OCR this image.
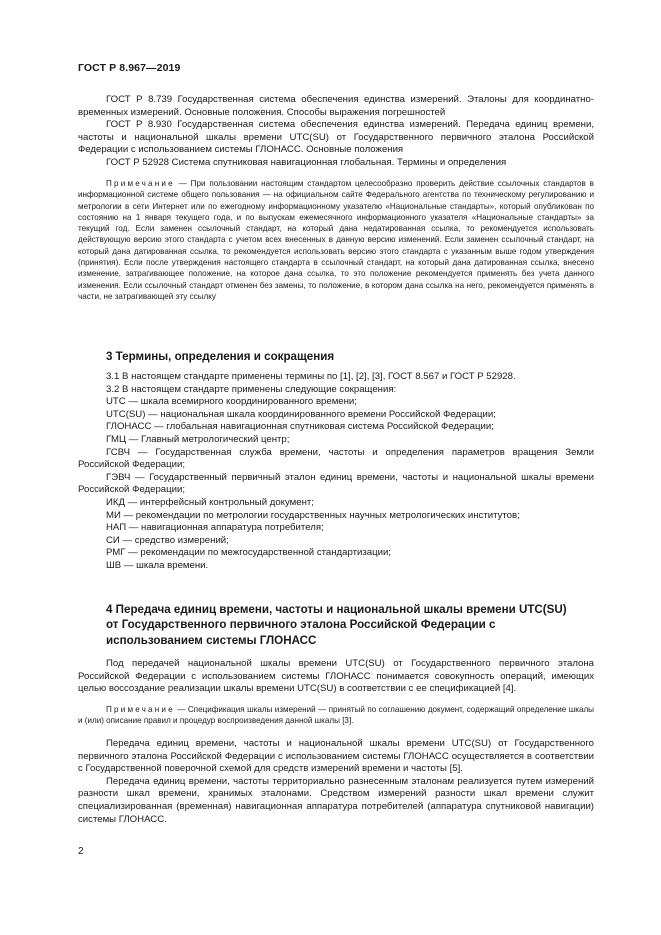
ГОСТ Р 8.967—2019

ГОСТ Р 8.739 Государственная система обеспечения единства измерений. Эталоны для координатно-временных измерений. Основные положения. Способы выражения погрешностей

ГОСТ Р 8.930 Государственная система обеспечения единства измерений. Передача единиц времени, частоты и национальной шкалы времени UTC(SU) от Государственного первичного эталона Российской Федерации с использованием системы ГЛОНАСС. Основные положения

ГОСТ Р 52928 Система спутниковая навигационная глобальная. Термины и определения

Примечание — При пользовании настоящим стандартом целесообразно проверить действие ссылочных стандартов в информационной системе общего пользования — на официальном сайте Федерального агентства по техническому регулированию и метрологии в сети Интернет или по ежегодному информационному указателю «Национальные стандарты», который опубликован по состоянию на 1 января текущего года, и по выпускам ежемесячного информационного указателя «Национальные стандарты» за текущий год. Если заменен ссылочный стандарт, на который дана недатированная ссылка, то рекомендуется использовать действующую версию этого стандарта с учетом всех внесенных в данную версию изменений. Если заменен ссылочный стандарт, на который дана датированная ссылка, то рекомендуется использовать версию этого стандарта с указанным выше годом утверждения (принятия). Если после утверждения настоящего стандарта в ссылочный стандарт, на который дана датированная ссылка, внесено изменение, затрагивающее положение, на которое дана ссылка, то это положение рекомендуется применять без учета данного изменения. Если ссылочный стандарт отменен без замены, то положение, в котором дана ссылка на него, рекомендуется применять в части, не затрагивающей эту ссылку

3 Термины, определения и сокращения

3.1 В настоящем стандарте применены термины по [1], [2], [3], ГОСТ 8.567 и ГОСТ Р 52928.

3.2 В настоящем стандарте применены следующие сокращения:

UTC — шкала всемирного координированного времени;

UTC(SU) — национальная шкала координированного времени Российской Федерации;

ГЛОНАСС — глобальная навигационная спутниковая система Российской Федерации;

ГМЦ — Главный метрологический центр;

ГСВЧ — Государственная служба времени, частоты и определения параметров вращения Земли Российской Федерации;

ГЭВЧ — Государственный первичный эталон единиц времени, частоты и национальной шкалы времени Российской Федерации;

ИКД — интерфейсный контрольный документ;

МИ — рекомендации по метрологии государственных научных метрологических институтов;

НАП — навигационная аппаратура потребителя;

СИ — средство измерений;

РМГ — рекомендации по межгосударственной стандартизации;

ШВ — шкала времени.

4 Передача единиц времени, частоты и национальной шкалы времени UTC(SU) от Государственного первичного эталона Российской Федерации с использованием системы ГЛОНАСС

Под передачей национальной шкалы времени UTC(SU) от Государственного первичного эталона Российской Федерации с использованием системы ГЛОНАСС понимается совокупность операций, имеющих целью воссоздание реализации шкалы времени UTC(SU) в соответствии с ее спецификацией [4].

Примечание — Спецификация шкалы измерений — принятый по соглашению документ, содержащий определение шкалы и (или) описание правил и процедур воспроизведения данной шкалы [3].

Передача единиц времени, частоты и национальной шкалы времени UTC(SU) от Государственного первичного эталона Российской Федерации с использованием системы ГЛОНАСС осуществляется в соответствии с Государственной поверочной схемой для средств измерений времени и частоты [5].

Передача единиц времени, частоты территориально разнесенным эталонам реализуется путем измерений разности шкал времени, хранимых эталонами. Средством измерений разности шкал времени служит специализированная (временная) навигационная аппаратура потребителей (аппаратура спутниковой навигации) системы ГЛОНАСС.

2
